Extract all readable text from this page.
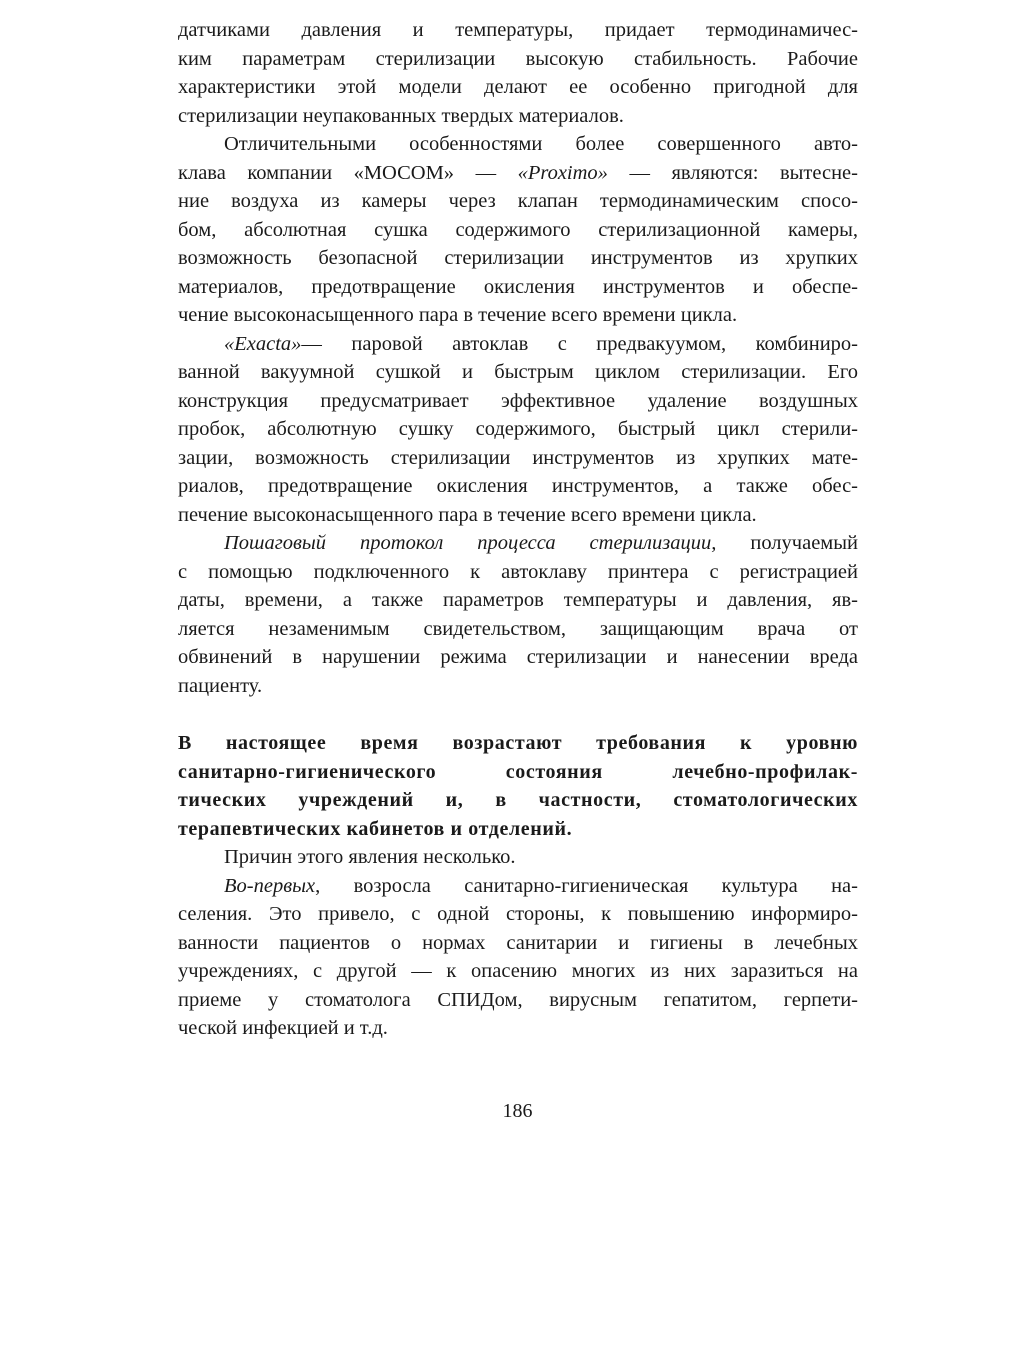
датчиками давления и температуры, придает термодинамичес-
ким параметрам стерилизации высокую стабильность. Рабочие
характеристики этой модели делают ее особенно пригодной для
стерилизации неупакованных твердых материалов.

Отличительными особенностями более совершенного авто-
клава компании «МОСОМ» — «Proximo» — являются: вытесне-
ние воздуха из камеры через клапан термодинамическим спосо-
бом, абсолютная сушка содержимого стерилизационной камеры,
возможность безопасной стерилизации инструментов из хрупких
материалов, предотвращение окисления инструментов и обеспе-
чение высоконасыщенного пара в течение всего времени цикла.

«Exacta»— паровой автоклав с предвакуумом, комбиниро-
ванной вакуумной сушкой и быстрым циклом стерилизации. Его
конструкция предусматривает эффективное удаление воздушных
пробок, абсолютную сушку содержимого, быстрый цикл стерили-
зации, возможность стерилизации инструментов из хрупких мате-
риалов, предотвращение окисления инструментов, а также обес-
печение высоконасыщенного пара в течение всего времени цикла.

Пошаговый протокол процесса стерилизации, получаемый
с помощью подключенного к автоклаву принтера с регистрацией
даты, времени, а также параметров температуры и давления, яв-
ляется незаменимым свидетельством, защищающим врача от
обвинений в нарушении режима стерилизации и нанесении вреда
пациенту.

В настоящее время возрастают требования к уровню
санитарно-гигиенического состояния лечебно-профилак-
тических учреждений и, в частности, стоматологических
терапевтических кабинетов и отделений.

Причин этого явления несколько.

Во-первых, возросла санитарно-гигиеническая культура на-
селения. Это привело, с одной стороны, к повышению информиро-
ванности пациентов о нормах санитарии и гигиены в лечебных
учреждениях, с другой — к опасению многих из них заразиться на
приеме у стоматолога СПИДом, вирусным гепатитом, герпети-
ческой инфекцией и т.д.

186
